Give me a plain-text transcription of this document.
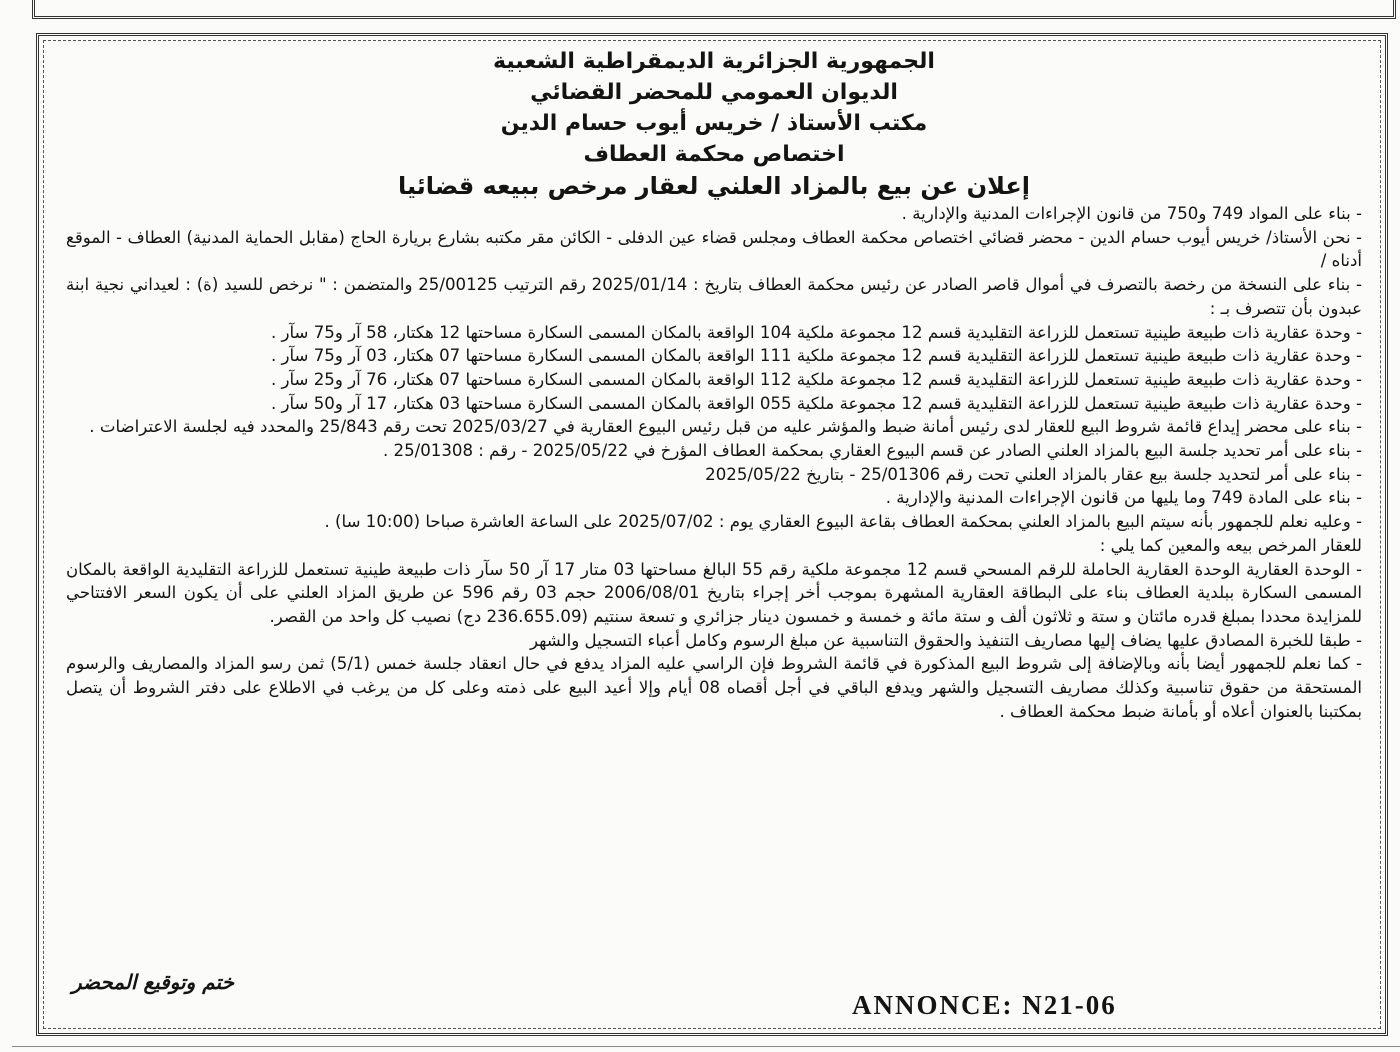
الجمهورية الجزائرية الديمقراطية الشعبية

الديوان العمومي للمحضر القضائي

مكتب الأستاذ / خريس أيوب حسام الدين

اختصاص محكمة العطاف

إعلان عن بيع بالمزاد العلني لعقار مرخص ببيعه قضائيا

- بناء على المواد 749 و750 من قانون الإجراءات المدنية والإدارية .

- نحن الأستاذ/ خريس أيوب حسام الدين - محضر قضائي اختصاص محكمة العطاف ومجلس قضاء عين الدفلى - الكائن مقر مكتبه بشارع بريارة الحاج (مقابل الحماية المدنية) العطاف - الموقع أدناه /

- بناء على النسخة من رخصة بالتصرف في أموال قاصر الصادر عن رئيس محكمة العطاف بتاريخ : 2025/01/14 رقم الترتيب 25/00125 والمتضمن : " نرخص للسيد (ة) : لعيداني نجية ابنة عبدون بأن تتصرف بـ :

- وحدة عقارية ذات طبيعة طينية تستعمل للزراعة التقليدية قسم 12 مجموعة ملكية 104 الواقعة بالمكان المسمى السكارة مساحتها 12 هكتار، 58 آر و75 سآر .

- وحدة عقارية ذات طبيعة طينية تستعمل للزراعة التقليدية قسم 12 مجموعة ملكية 111 الواقعة بالمكان المسمى السكارة مساحتها 07 هكتار، 03 آر و75 سآر .

- وحدة عقارية ذات طبيعة طينية تستعمل للزراعة التقليدية قسم 12 مجموعة ملكية 112 الواقعة بالمكان المسمى السكارة مساحتها 07 هكتار، 76 آر و25 سآر .

- وحدة عقارية ذات طبيعة طينية تستعمل للزراعة التقليدية قسم 12 مجموعة ملكية 055 الواقعة بالمكان المسمى السكارة مساحتها 03 هكتار، 17 آر و50 سآر .

- بناء على محضر إيداع قائمة شروط البيع للعقار لدى رئيس أمانة ضبط والمؤشر عليه من قبل رئيس البيوع العقارية في 2025/03/27 تحت رقم 25/843 والمحدد فيه لجلسة الاعتراضات .

- بناء على أمر تحديد جلسة البيع بالمزاد العلني الصادر عن قسم البيوع العقاري بمحكمة العطاف المؤرخ في 2025/05/22 - رقم : 25/01308 .

- بناء على أمر لتحديد جلسة بيع عقار بالمزاد العلني تحت رقم 25/01306 - بتاريخ 2025/05/22

- بناء على المادة 749 وما يليها من قانون الإجراءات المدنية والإدارية .

- وعليه نعلم للجمهور بأنه سيتم البيع بالمزاد العلني بمحكمة العطاف بقاعة البيوع العقاري يوم : 2025/07/02 على الساعة العاشرة صباحا (10:00 سا) .

للعقار المرخص بيعه والمعين كما يلي :

- الوحدة العقارية الوحدة العقارية الحاملة للرقم المسحي قسم 12 مجموعة ملكية رقم 55 البالغ مساحتها 03 متار 17 آر 50 سآر ذات طبيعة طينية تستعمل للزراعة التقليدية الواقعة بالمكان المسمى السكارة ببلدية العطاف بناء على البطاقة العقارية المشهرة بموجب أخر إجراء بتاريخ 2006/08/01 حجم 03 رقم 596 عن طريق المزاد العلني على أن يكون السعر الافتتاحي للمزايدة محددا بمبلغ قدره مائتان و ستة و ثلاثون ألف و ستة مائة و خمسة و خمسون دينار جزائري و تسعة سنتيم (236.655.09 دج) نصيب كل واحد من القصر.

- طبقا للخبرة المصادق عليها يضاف إليها مصاريف التنفيذ والحقوق التناسبية عن مبلغ الرسوم وكامل أعباء التسجيل والشهر

- كما نعلم للجمهور أيضا بأنه وبالإضافة إلى شروط البيع المذكورة في قائمة الشروط فإن الراسي عليه المزاد يدفع في حال انعقاد جلسة خمس (5/1) ثمن رسو المزاد والمصاريف والرسوم المستحقة من حقوق تناسبية وكذلك مصاريف التسجيل والشهر ويدفع الباقي في أجل أقصاه 08 أيام وإلا أعيد البيع على ذمته وعلى كل من يرغب في الاطلاع على دفتر الشروط أن يتصل بمكتبنا بالعنوان أعلاه أو بأمانة ضبط محكمة العطاف .

ختم وتوقيع المحضر
ANNONCE: N21-06
